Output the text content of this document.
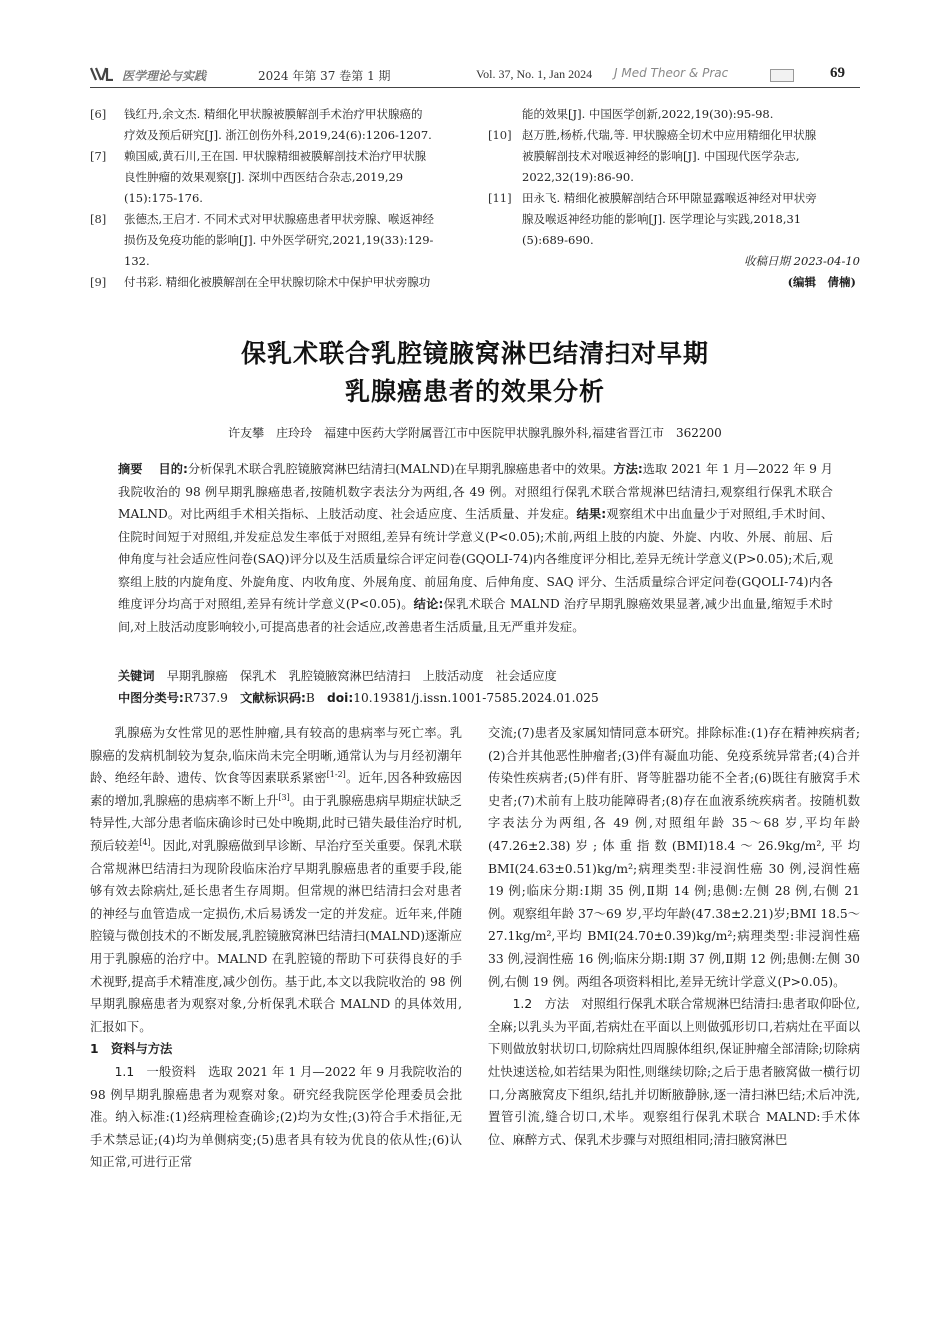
医学理论与实践	2024 年第 37 卷第 1 期	Vol. 37, No. 1, Jan 2024 J Med Theor & Prac	69
[6]	钱红丹,余文杰. 精细化甲状腺被膜解剖手术治疗甲状腺癌的
疗效及预后研究[J]. 浙江创伤外科,2019,24(6):1206-1207.
[7]	赖国威,黄石川,王在国. 甲状腺精细被膜解剖技术治疗甲状腺
良性肿瘤的效果观察[J]. 深圳中西医结合杂志,2019,29
(15):175-176.
[8]	张德杰,王启才. 不同术式对甲状腺癌患者甲状旁腺、喉返神经
损伤及免疫功能的影响[J]. 中外医学研究,2021,19(33):129-
132.
[9]	付书彩. 精细化被膜解剖在全甲状腺切除术中保护甲状旁腺功
能的效果[J]. 中国医学创新,2022,19(30):95-98.
[10] 赵万胜,杨桥,代瑞,等. 甲状腺癌全切术中应用精细化甲状腺
被膜解剖技术对喉返神经的影响[J]. 中国现代医学杂志,
2022,32(19):86-90.
[11] 田永飞. 精细化被膜解剖结合环甲隙显露喉返神经对甲状旁
腺及喉返神经功能的影响[J]. 医学理论与实践,2018,31
(5):689-690.
收稿日期 2023-04-10
(编辑　倩楠)
保乳术联合乳腔镜腋窝淋巴结清扫对早期
乳腺癌患者的效果分析
许友攀　庄玲玲　福建中医药大学附属晋江市中医院甲状腺乳腺外科,福建省晋江市　362200
摘要　 目的:分析保乳术联合乳腔镜腋窝淋巴结清扫(MALND)在早期乳腺癌患者中的效果。方法:选取 2021 年 1 月—2022 年 9 月我院收治的 98 例早期乳腺癌患者,按随机数字表法分为两组,各 49 例。对照组行保乳术联合常规淋巴结清扫,观察组行保乳术联合 MALND。对比两组手术相关指标、上肢活动度、社会适应度、生活质量、并发症。结果:观察组术中出血量少于对照组,手术时间、住院时间短于对照组,并发症总发生率低于对照组,差异有统计学意义(P<0.05);术前,两组上肢的内旋、外旋、内收、外展、前屈、后伸角度与社会适应性问卷(SAQ)评分以及生活质量综合评定问卷(GQOLI-74)内各维度评分相比,差异无统计学意义(P>0.05);术后,观察组上肢的内旋角度、外旋角度、内收角度、外展角度、前屈角度、后伸角度、SAQ 评分、生活质量综合评定问卷(GQOLI-74)内各维度评分均高于对照组,差异有统计学意义(P<0.05)。结论:保乳术联合 MALND 治疗早期乳腺癌效果显著,减少出血量,缩短手术时间,对上肢活动度影响较小,可提高患者的社会适应,改善患者生活质量,且无严重并发症。
关键词　 早期乳腺癌　保乳术　乳腔镜腋窝淋巴结清扫　上肢活动度　社会适应度
中图分类号:R737.9　 文献标识码:B　 doi:10.19381/j.issn.1001-7585.2024.01.025

乳腺癌为女性常见的恶性肿瘤,具有较高的患病率与死亡率。乳腺癌的发病机制较为复杂,临床尚未完全明晰,通常认为与月经初潮年龄、绝经年龄、遗传、饮食等因素联系紧密[1-2]。近年,因各种致癌因素的增加,乳腺癌的患病率不断上升[3]。由于乳腺癌患病早期症状缺乏特异性,大部分患者临床确诊时已处中晚期,此时已错失最佳治疗时机,预后较差[4]。因此,对乳腺癌做到早诊断、早治疗至关重要。保乳术联合常规淋巴结清扫为现阶段临床治疗早期乳腺癌患者的重要手段,能够有效去除病灶,延长患者生存周期。但常规的淋巴结清扫会对患者的神经与血管造成一定损伤,术后易诱发一定的并发症。近年来,伴随腔镜与微创技术的不断发展,乳腔镜腋窝淋巴结清扫(MALND)逐渐应用于乳腺癌的治疗中。MALND 在乳腔镜的帮助下可获得良好的手术视野,提高手术精准度,减少创伤。基于此,本文以我院收治的 98 例早期乳腺癌患者为观察对象,分析保乳术联合 MALND 的具体效用,汇报如下。

1　资料与方法

1.1　一般资料　选取 2021 年 1 月—2022 年 9 月我院收治的 98 例早期乳腺癌患者为观察对象。研究经我院医学伦理委员会批准。纳入标准:(1)经病理检查确诊;(2)均为女性;(3)符合手术指征,无手术禁忌证;(4)均为单侧病变;(5)患者具有较为优良的依从性;(6)认知正常,可进行正常

交流;(7)患者及家属知情同意本研究。排除标准:(1)存在精神疾病者;(2)合并其他恶性肿瘤者;(3)伴有凝血功能、免疫系统异常者;(4)合并传染性疾病者;(5)伴有肝、肾等脏器功能不全者;(6)既往有腋窝手术史者;(7)术前有上肢功能障碍者;(8)存在血液系统疾病者。按随机数字表法分为两组,各 49 例,对照组年龄 35～68 岁,平均年龄(47.26±2.38)岁;体重指数(BMI)18.4～26.9kg/m²,平均 BMI(24.63±0.51)kg/m²;病理类型:非浸润性癌 30 例,浸润性癌 19 例;临床分期:Ⅰ期 35 例,Ⅱ期 14 例;患侧:左侧 28 例,右侧 21 例。观察组年龄 37～69 岁,平均年龄(47.38±2.21)岁;BMI 18.5～27.1kg/m²,平均 BMI(24.70±0.39)kg/m²;病理类型:非浸润性癌 33 例,浸润性癌 16 例;临床分期:Ⅰ期 37 例,Ⅱ期 12 例;患侧:左侧 30 例,右侧 19 例。两组各项资料相比,差异无统计学意义(P>0.05)。

1.2　方法　对照组行保乳术联合常规淋巴结清扫:患者取仰卧位,全麻;以乳头为平面,若病灶在平面以上则做弧形切口,若病灶在平面以下则做放射状切口,切除病灶四周腺体组织,保证肿瘤全部清除;切除病灶快速送检,如若结果为阳性,则继续切除;之后于患者腋窝做一横行切口,分离腋窝皮下组织,结扎并切断腋静脉,逐一清扫淋巴结;术后冲洗,置管引流,缝合切口,术毕。观察组行保乳术联合 MALND:手术体位、麻醉方式、保乳术步骤与对照组相同;清扫腋窝淋巴
